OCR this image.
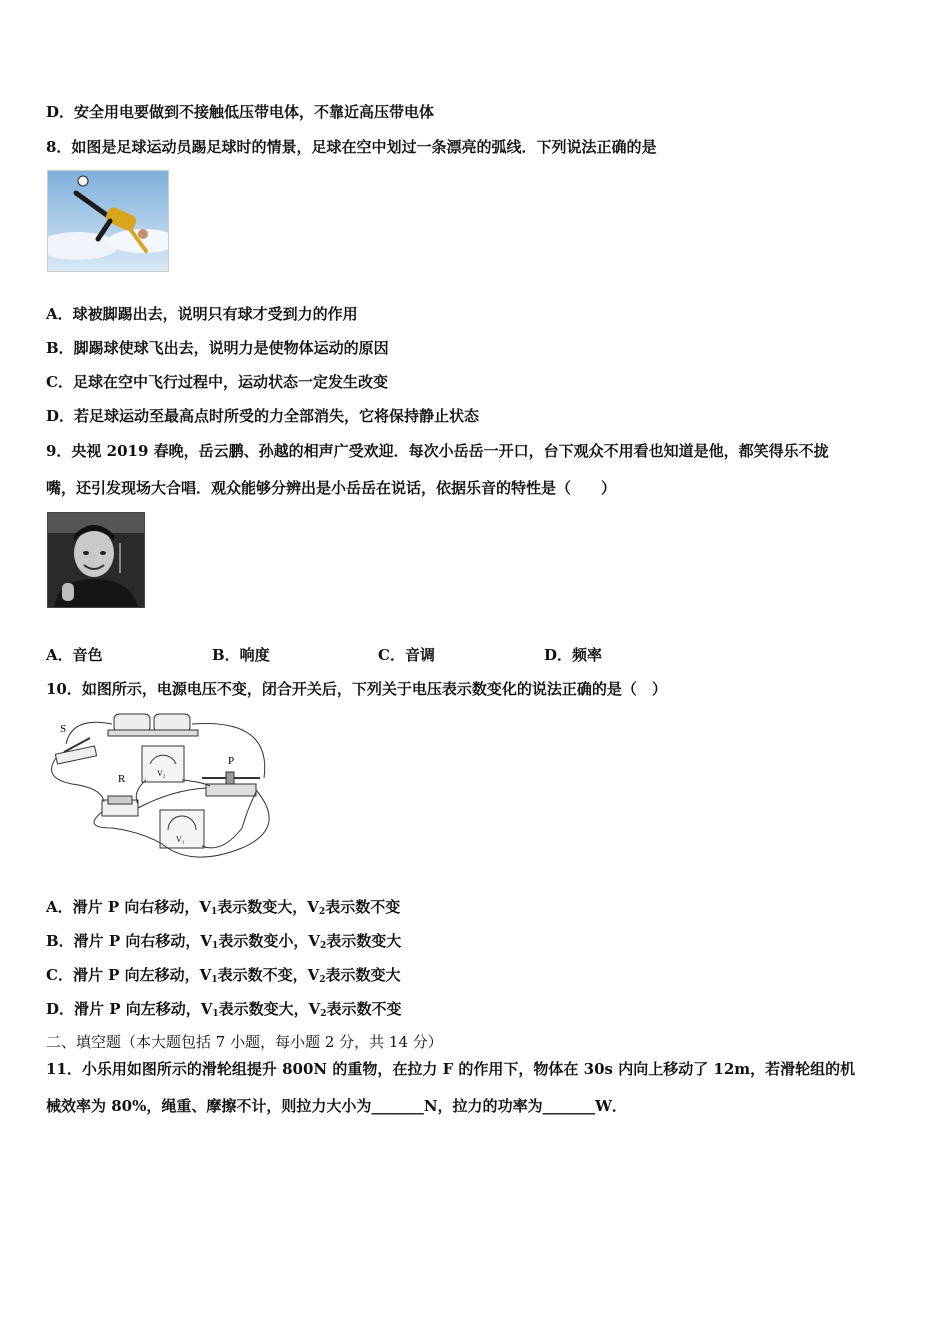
D．安全用电要做到不接触低压带电体，不靠近高压带电体
8．如图是足球运动员踢足球时的情景，足球在空中划过一条漂亮的弧线．下列说法正确的是
A．球被脚踢出去，说明只有球才受到力的作用
B．脚踢球使球飞出去，说明力是使物体运动的原因
C．足球在空中飞行过程中，运动状态一定发生改变
D．若足球运动至最高点时所受的力全部消失，它将保持静止状态
9．央视 2019 春晚，岳云鹏、孙越的相声广受欢迎．每次小岳岳一开口，台下观众不用看也知道是他，都笑得乐不拢
嘴，还引发现场大合唱．观众能够分辨出是小岳岳在说话，依据乐音的特性是（　　）
A．音色	B．响度	C．音调	D．频率
10．如图所示，电源电压不变，闭合开关后，下列关于电压表示数变化的说法正确的是（　）
S
V₂
R
P
V₁
A．滑片 P 向右移动，$V_1$表示数变大，$V_2$表示数不变
B．滑片 P 向右移动，$V_1$表示数变小，$V_2$表示数变大
C．滑片 P 向左移动，$V_1$表示数不变，$V_2$表示数变大
D．滑片 P 向左移动，$V_1$表示数变大，$V_2$表示数不变
二、填空题（本大题包括 7 小题，每小题 2 分，共 14 分）
11．小乐用如图所示的滑轮组提升 800N 的重物，在拉力 F 的作用下，物体在 30s 内向上移动了 12m，若滑轮组的机
械效率为 80%，绳重、摩擦不计，则拉力大小为_______N，拉力的功率为_______W．
